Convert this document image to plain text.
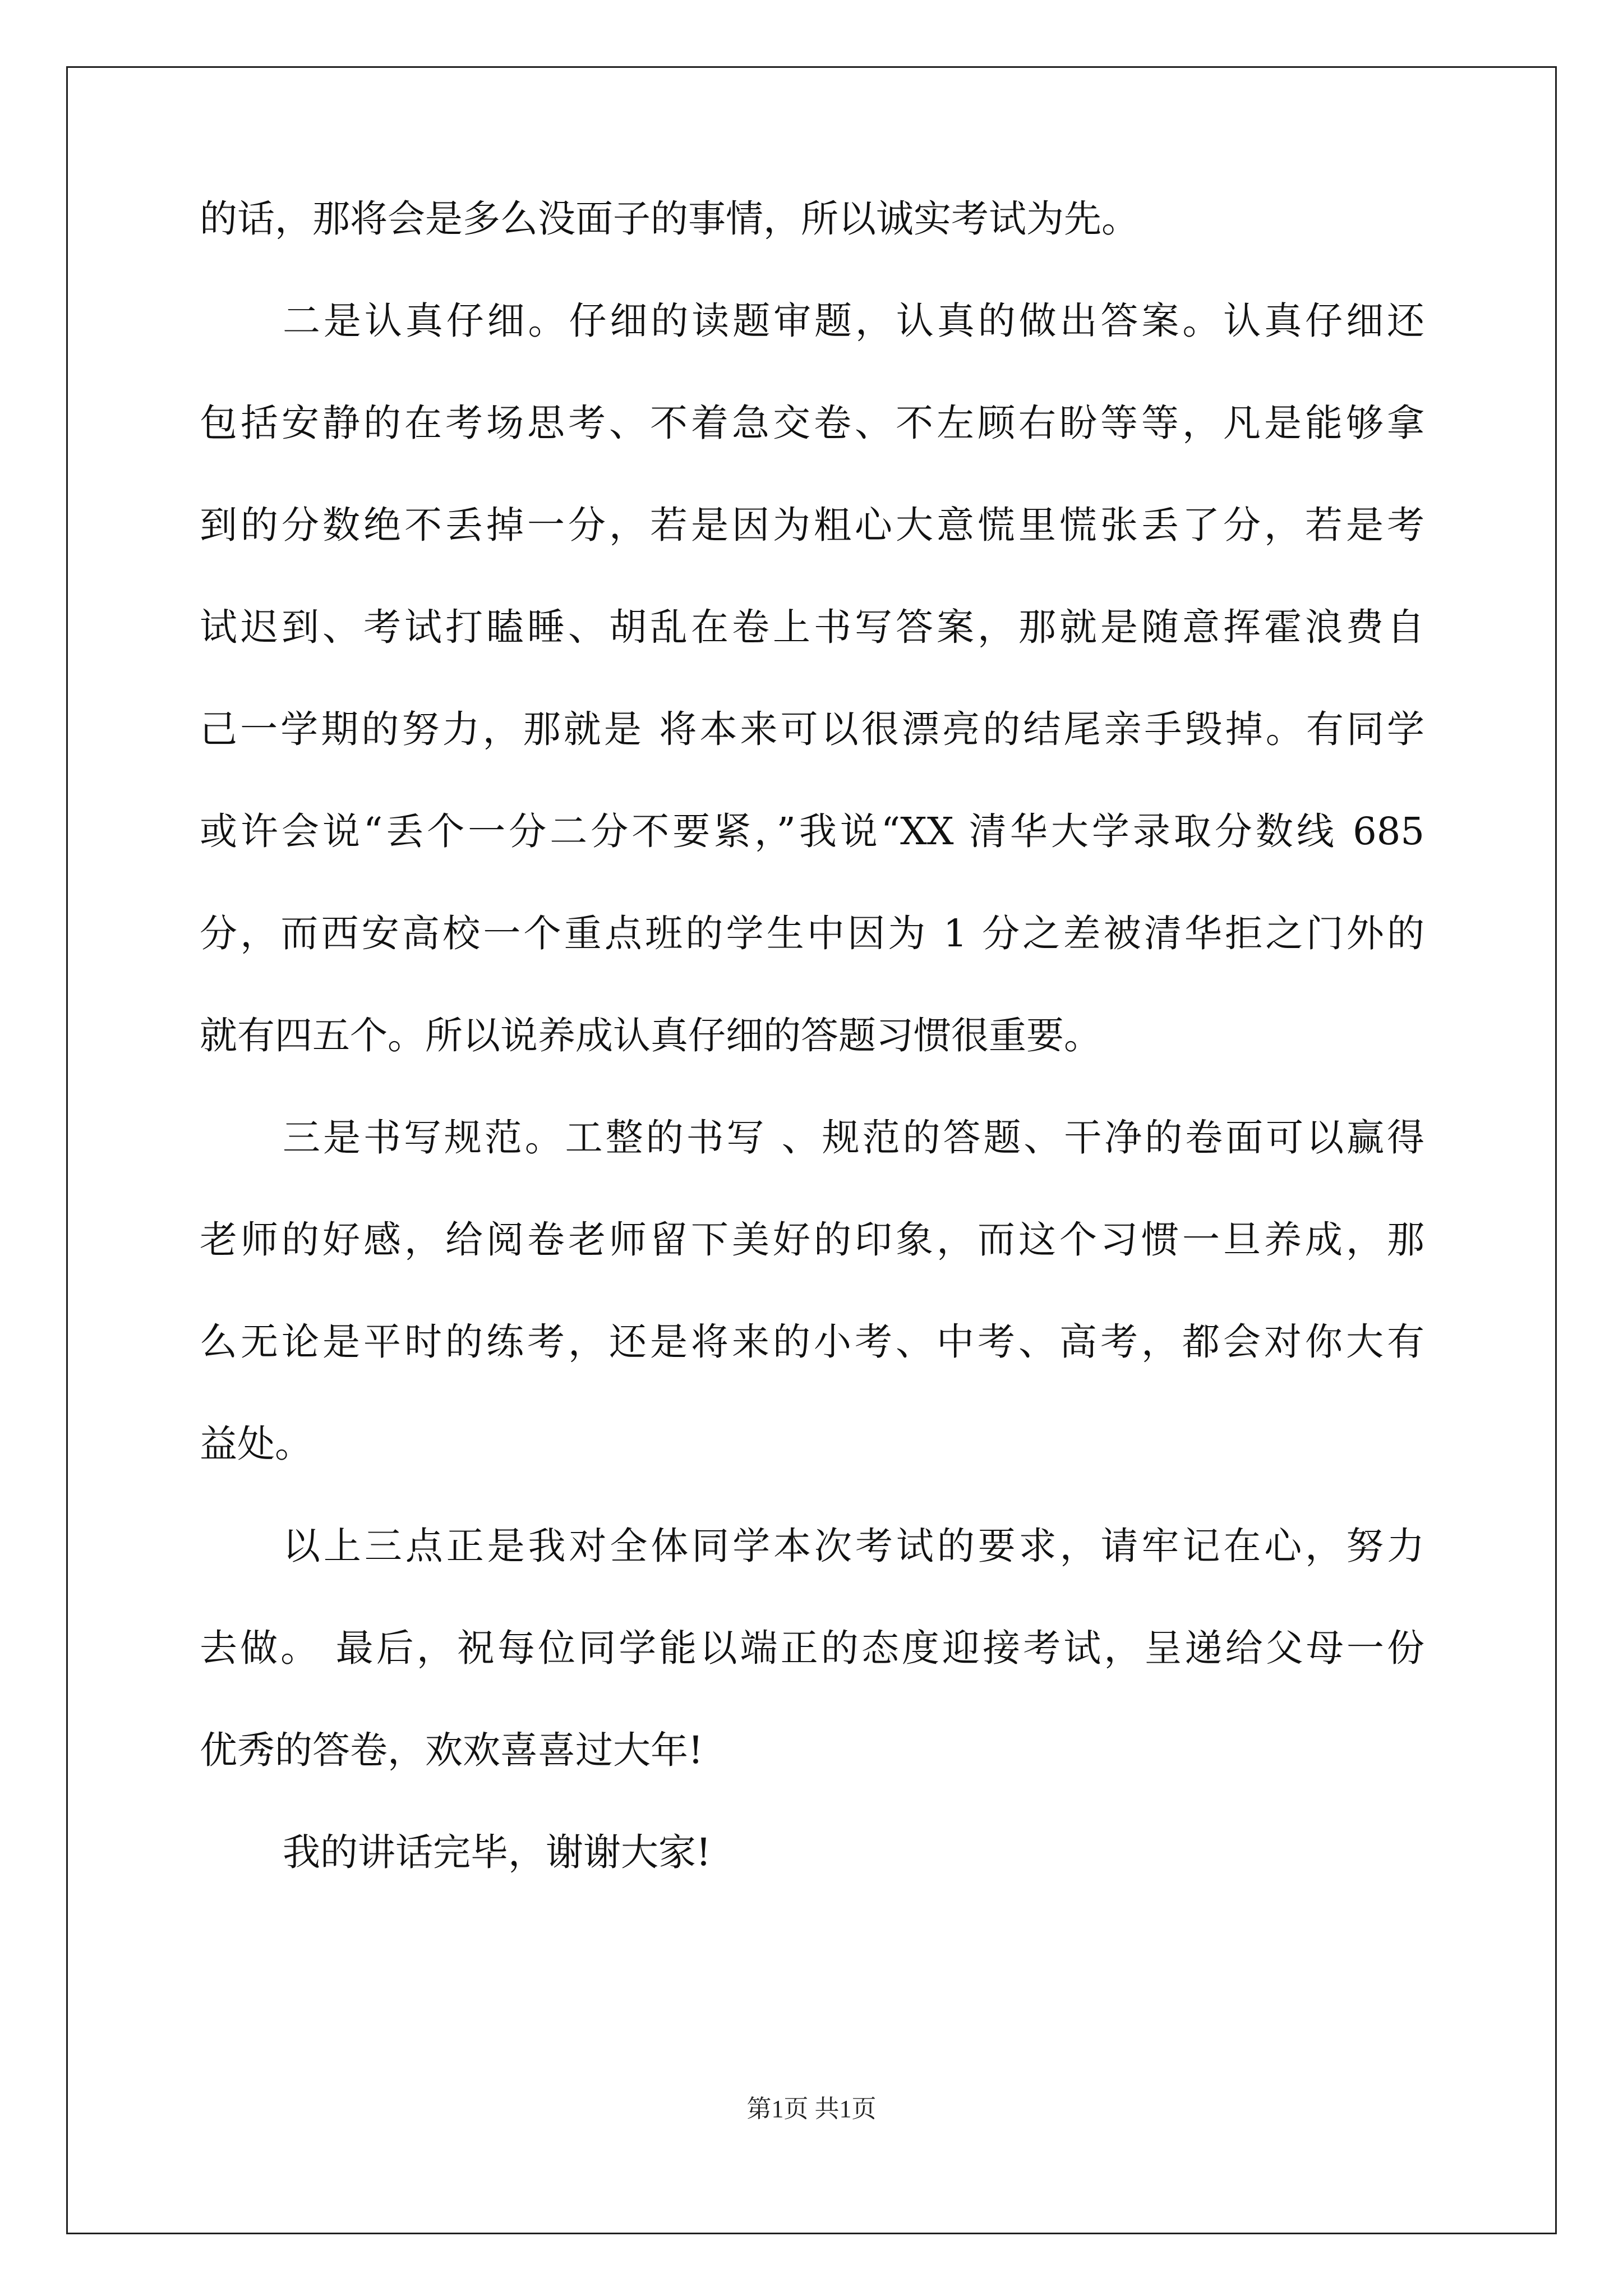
的话，那将会是多么没面子的事情，所以诚实考试为先。
二是认真仔细。仔细的读题审题，认真的做出答案。认真仔细还
包括安静的在考场思考、不着急交卷、不左顾右盼等等，凡是能够拿
到的分数绝不丢掉一分，若是因为粗心大意慌里慌张丢了分，若是考
试迟到、考试打瞌睡、胡乱在卷上书写答案，那就是随意挥霍浪费自
己一学期的努力，那就是 将本来可以很漂亮的结尾亲手毁掉。有同学
或许会说“丢个一分二分不要紧，”我说“XX 清华大学录取分数线 685
分，而西安高校一个重点班的学生中因为 1 分之差被清华拒之门外的
就有四五个。所以说养成认真仔细的答题习惯很重要。
三是书写规范。工整的书写 、规范的答题、干净的卷面可以赢得
老师的好感，给阅卷老师留下美好的印象，而这个习惯一旦养成，那
么无论是平时的练考，还是将来的小考、中考、高考，都会对你大有
益处。
以上三点正是我对全体同学本次考试的要求，请牢记在心，努力
去做。 最后，祝每位同学能以端正的态度迎接考试，呈递给父母一份
优秀的答卷，欢欢喜喜过大年!
我的讲话完毕，谢谢大家!
第1页 共1页
